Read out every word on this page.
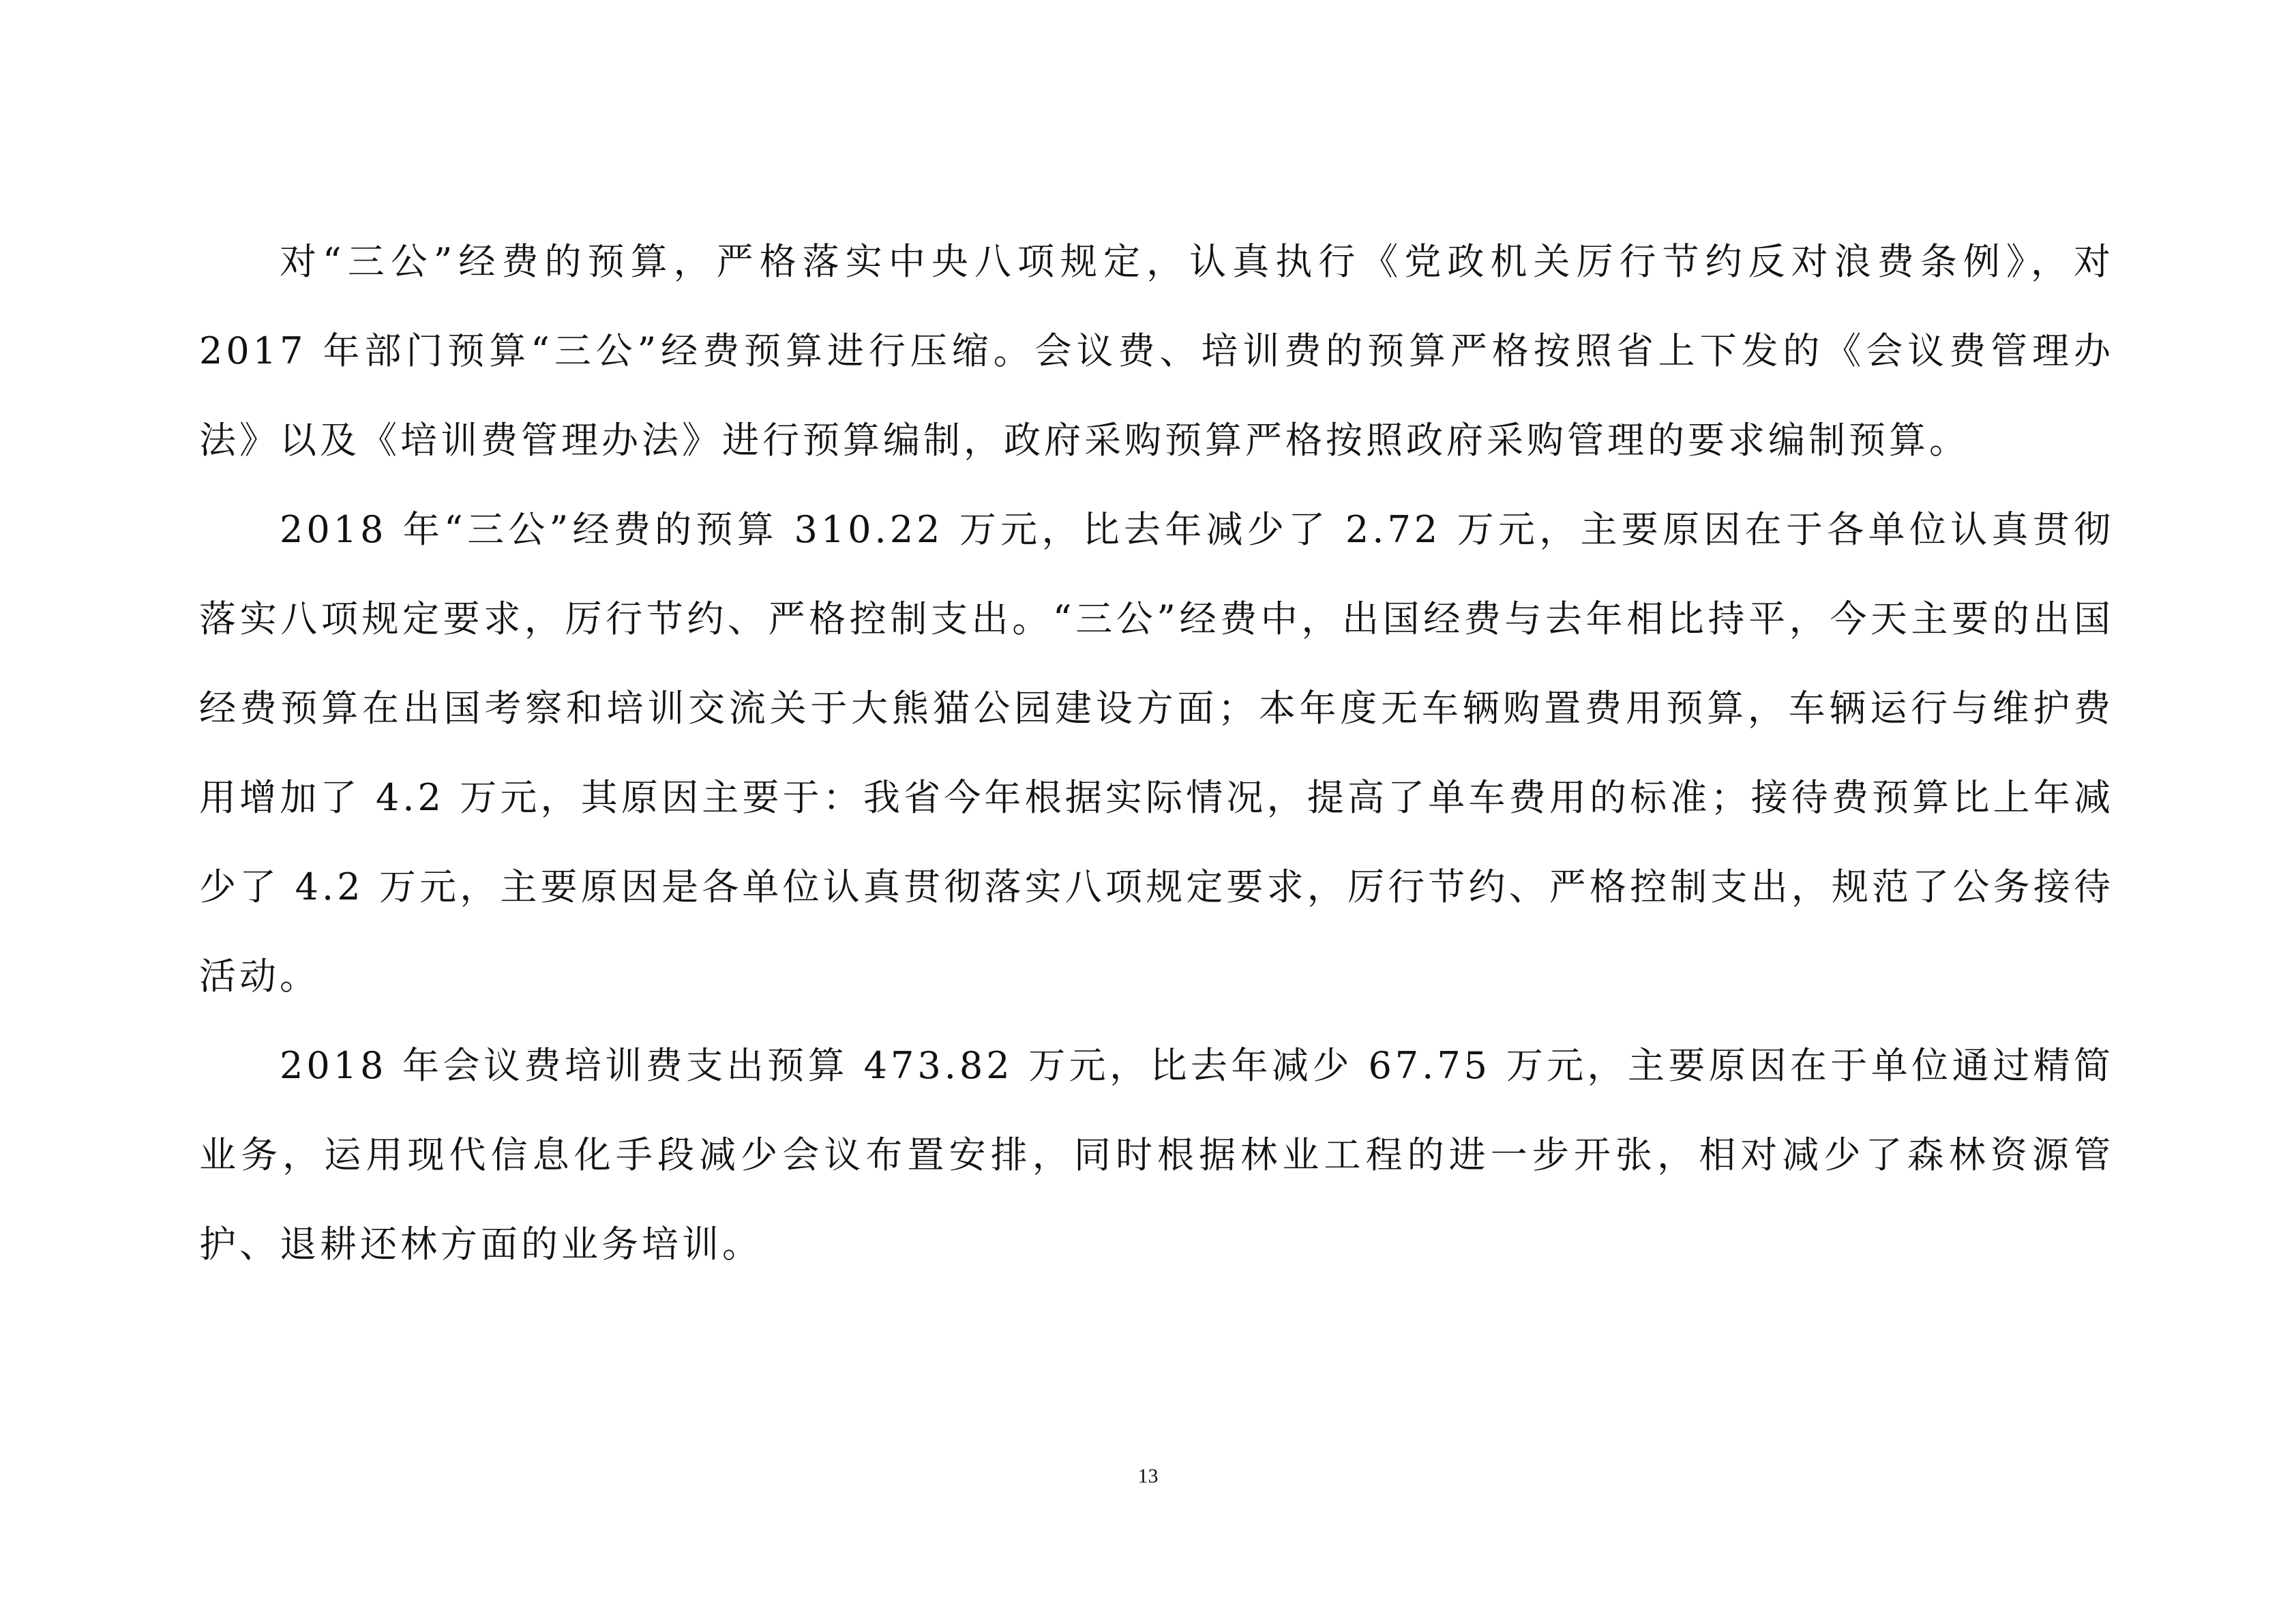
对“三公”经费的预算，严格落实中央八项规定，认真执行《党政机关厉行节约反对浪费条例》，对 2017 年部门预算“三公”经费预算进行压缩。会议费、培训费的预算严格按照省上下发的《会议费管理办法》以及《培训费管理办法》进行预算编制，政府采购预算严格按照政府采购管理的要求编制预算。

2018 年“三公”经费的预算 310.22 万元，比去年减少了 2.72 万元，主要原因在于各单位认真贯彻落实八项规定要求，厉行节约、严格控制支出。“三公”经费中，出国经费与去年相比持平，今天主要的出国经费预算在出国考察和培训交流关于大熊猫公园建设方面；本年度无车辆购置费用预算，车辆运行与维护费用增加了 4.2 万元，其原因主要于：我省今年根据实际情况，提高了单车费用的标准；接待费预算比上年减少了 4.2 万元，主要原因是各单位认真贯彻落实八项规定要求，厉行节约、严格控制支出，规范了公务接待活动。

2018 年会议费培训费支出预算 473.82 万元，比去年减少 67.75 万元，主要原因在于单位通过精简业务，运用现代信息化手段减少会议布置安排，同时根据林业工程的进一步开张，相对减少了森林资源管护、退耕还林方面的业务培训。

13
